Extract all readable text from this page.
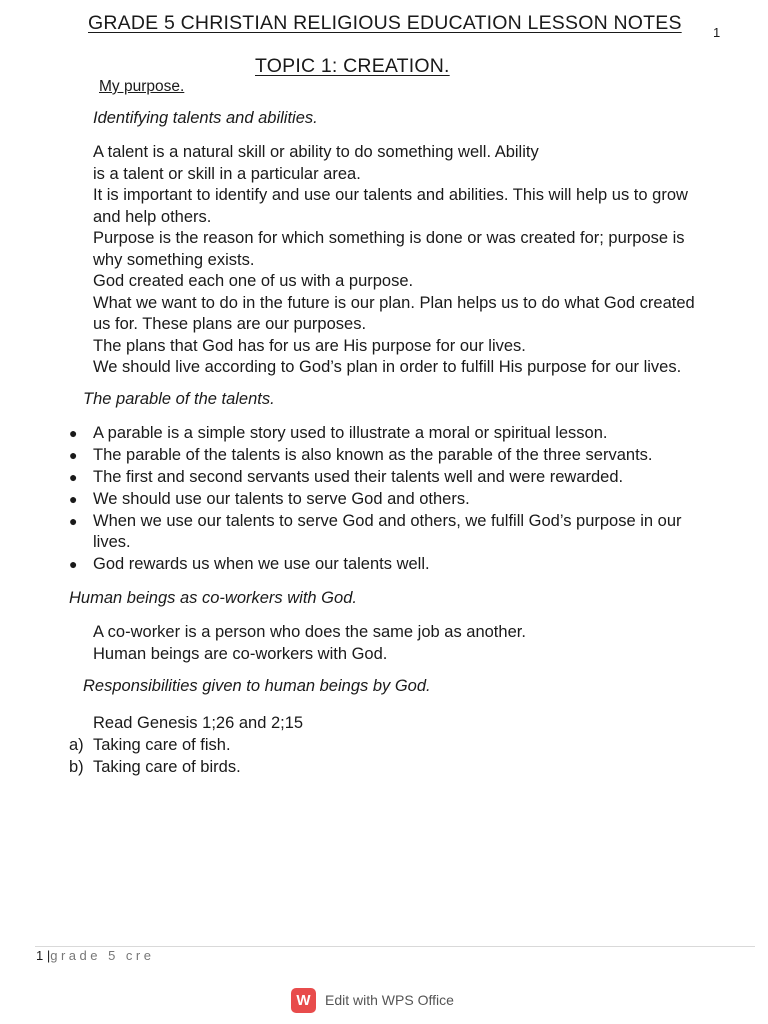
GRADE 5 CHRISTIAN RELIGIOUS EDUCATION LESSON NOTES 1
TOPIC 1: CREATION.
My purpose.
Identifying talents and abilities.
A talent is a natural skill or ability to do something well. Ability
is a talent or skill in a particular area.
It is important to identify and use our talents and abilities. This will help us to grow
and help others.
Purpose is the reason for which something is done or was created for; purpose is
why something exists.
God created each one of us with a purpose.
What we want to do in the future is our plan. Plan helps us to do what God created
us for. These plans are our purposes.
The plans that God has for us are His purpose for our lives.
We should live according to God’s plan in order to fulfill His purpose for our lives.
The parable of the talents.
● A parable is a simple story used to illustrate a moral or spiritual lesson.
● The parable of the talents is also known as the parable of the three servants.
● The first and second servants used their talents well and were rewarded.
● We should use our talents to serve God and others.
● When we use our talents to serve God and others, we fulfill God’s purpose in our
lives.
● God rewards us when we use our talents well.
Human beings as co-workers with God.
A co-worker is a person who does the same job as another.
Human beings are co-workers with God.
Responsibilities given to human beings by God.
Read Genesis 1;26 and 2;15
a) Taking care of fish.
b) Taking care of birds.
1 |grade 5 cre
W	Edit with WPS Office
